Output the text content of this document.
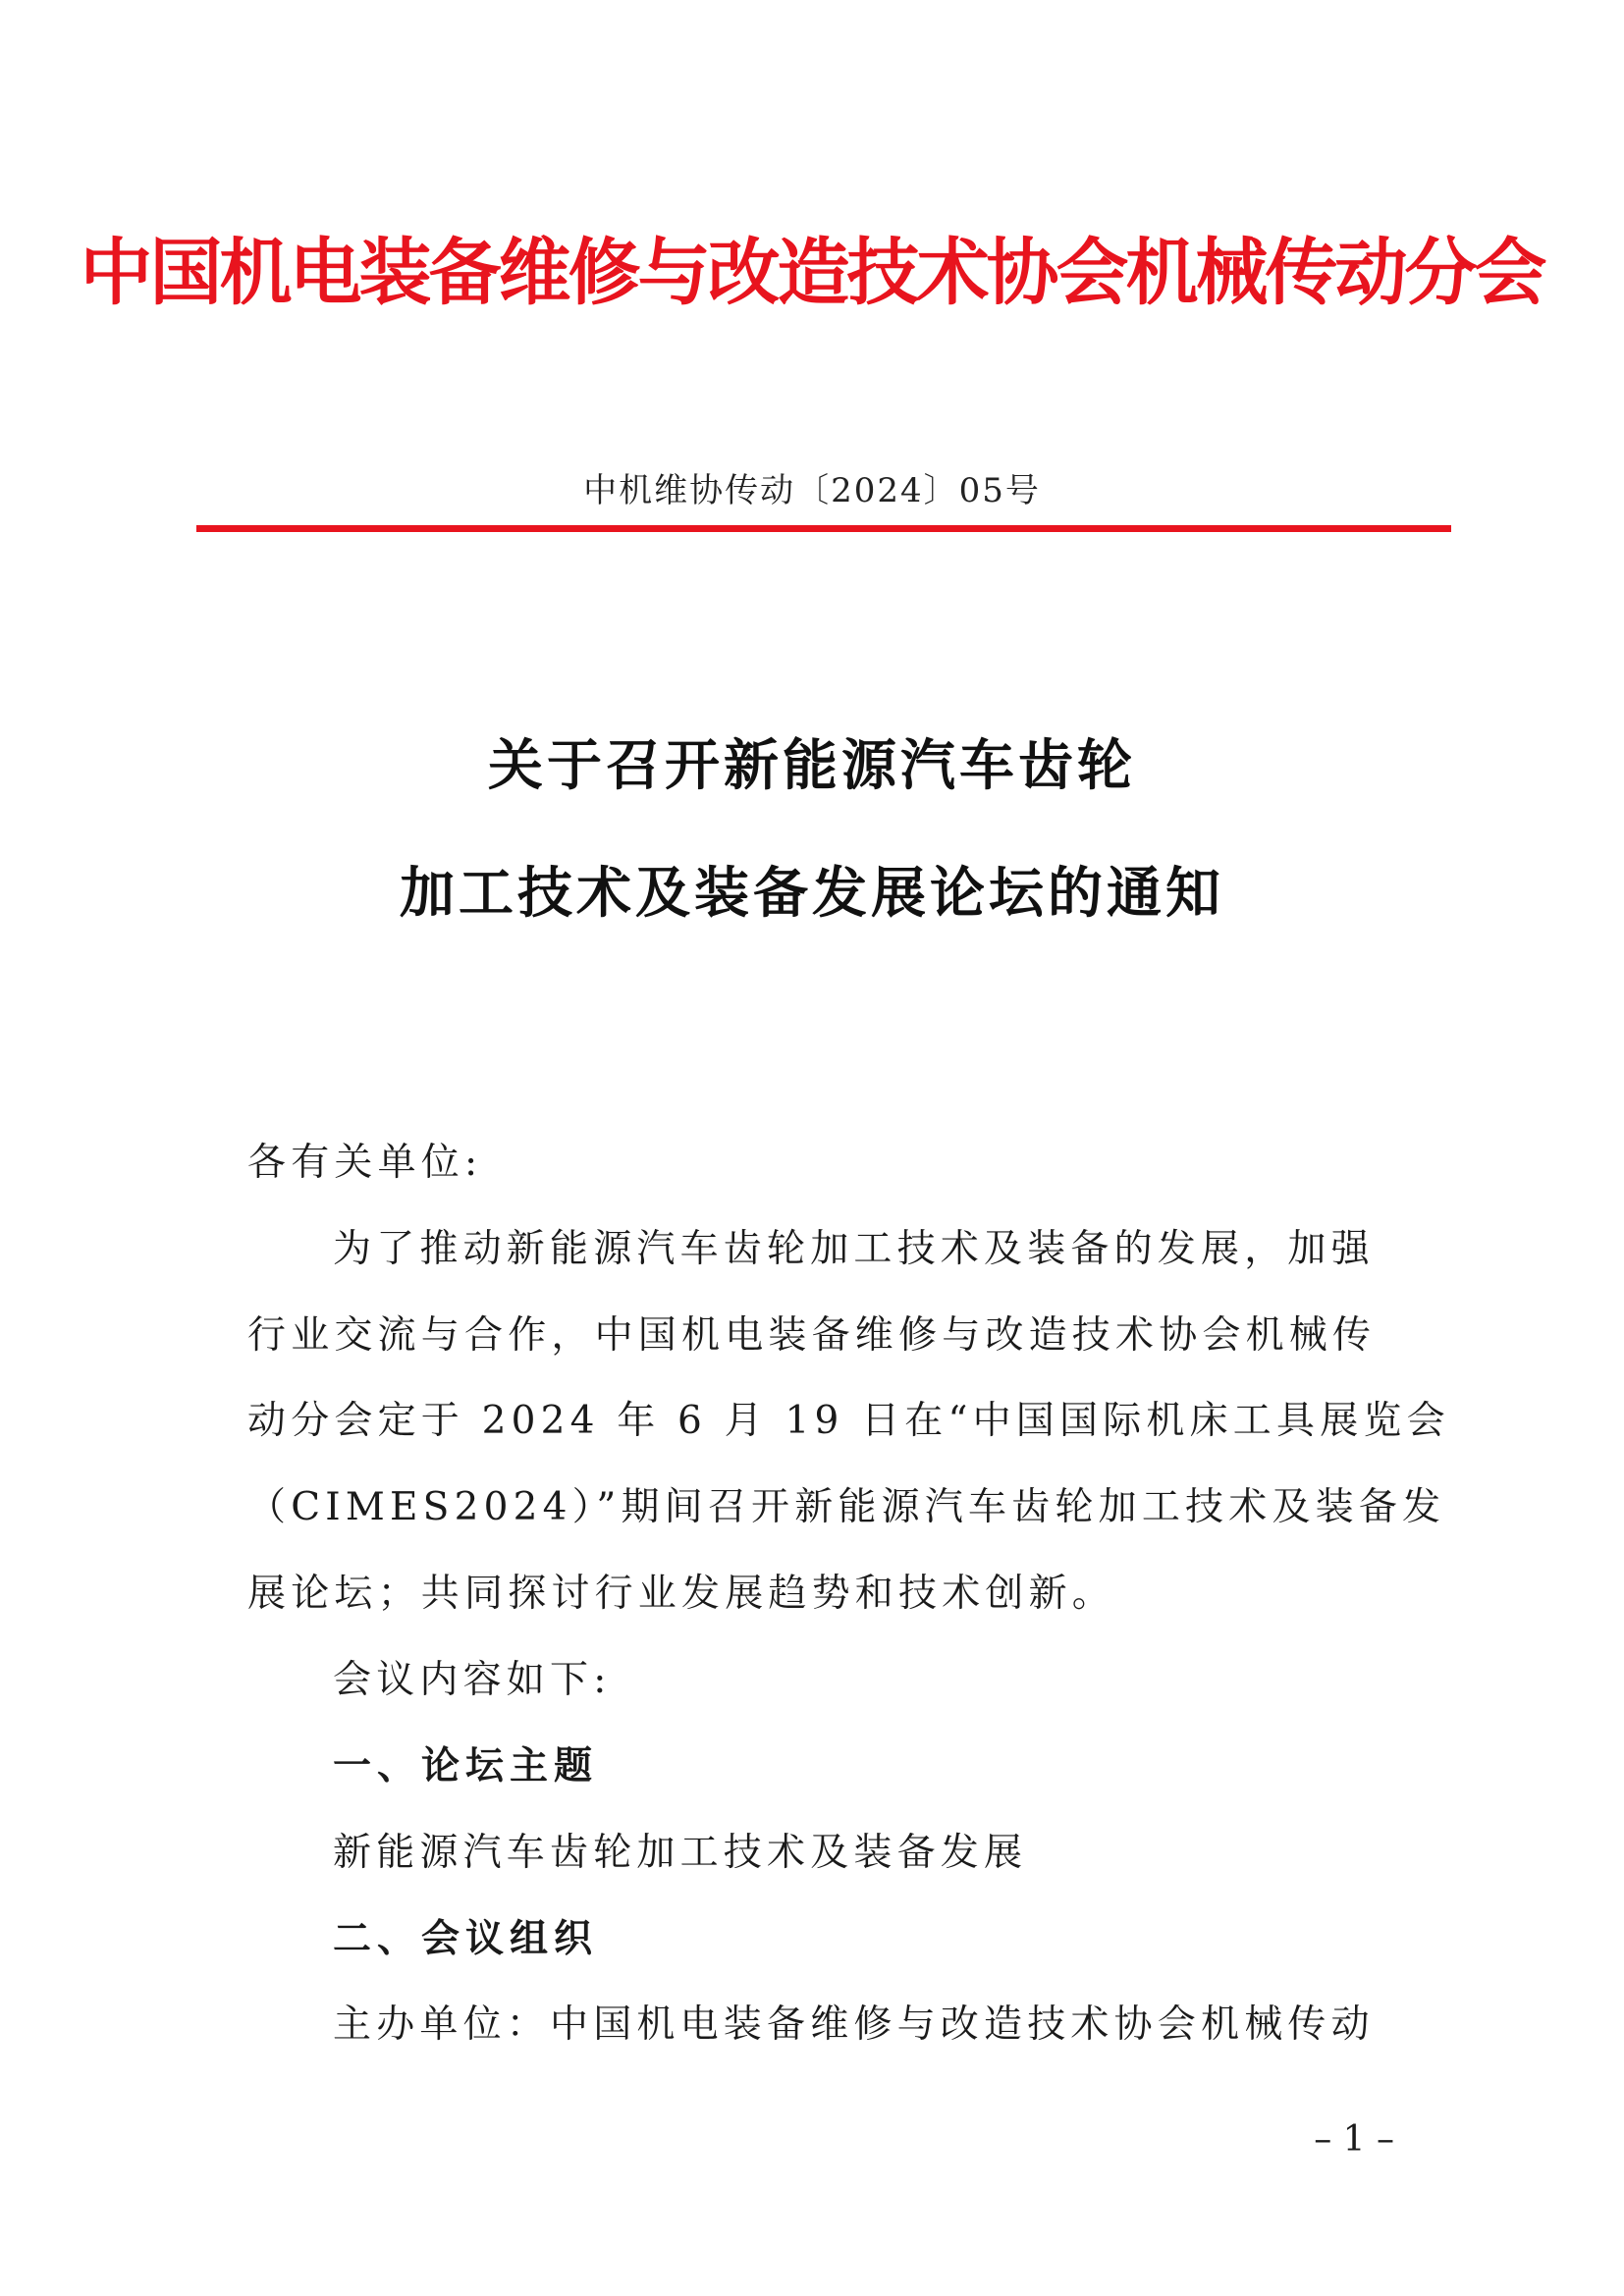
中国机电装备维修与改造技术协会机械传动分会
中机维协传动〔2024〕05号
关于召开新能源汽车齿轮
加工技术及装备发展论坛的通知
各有关单位:
为了推动新能源汽车齿轮加工技术及装备的发展，加强
行业交流与合作，中国机电装备维修与改造技术协会机械传
动分会定于 2024 年 6 月 19 日在“中国国际机床工具展览会
（CIMES2024）”期间召开新能源汽车齿轮加工技术及装备发
展论坛；共同探讨行业发展趋势和技术创新。
会议内容如下:
一、论坛主题
新能源汽车齿轮加工技术及装备发展
二、会议组织
主办单位：中国机电装备维修与改造技术协会机械传动
– 1 –
